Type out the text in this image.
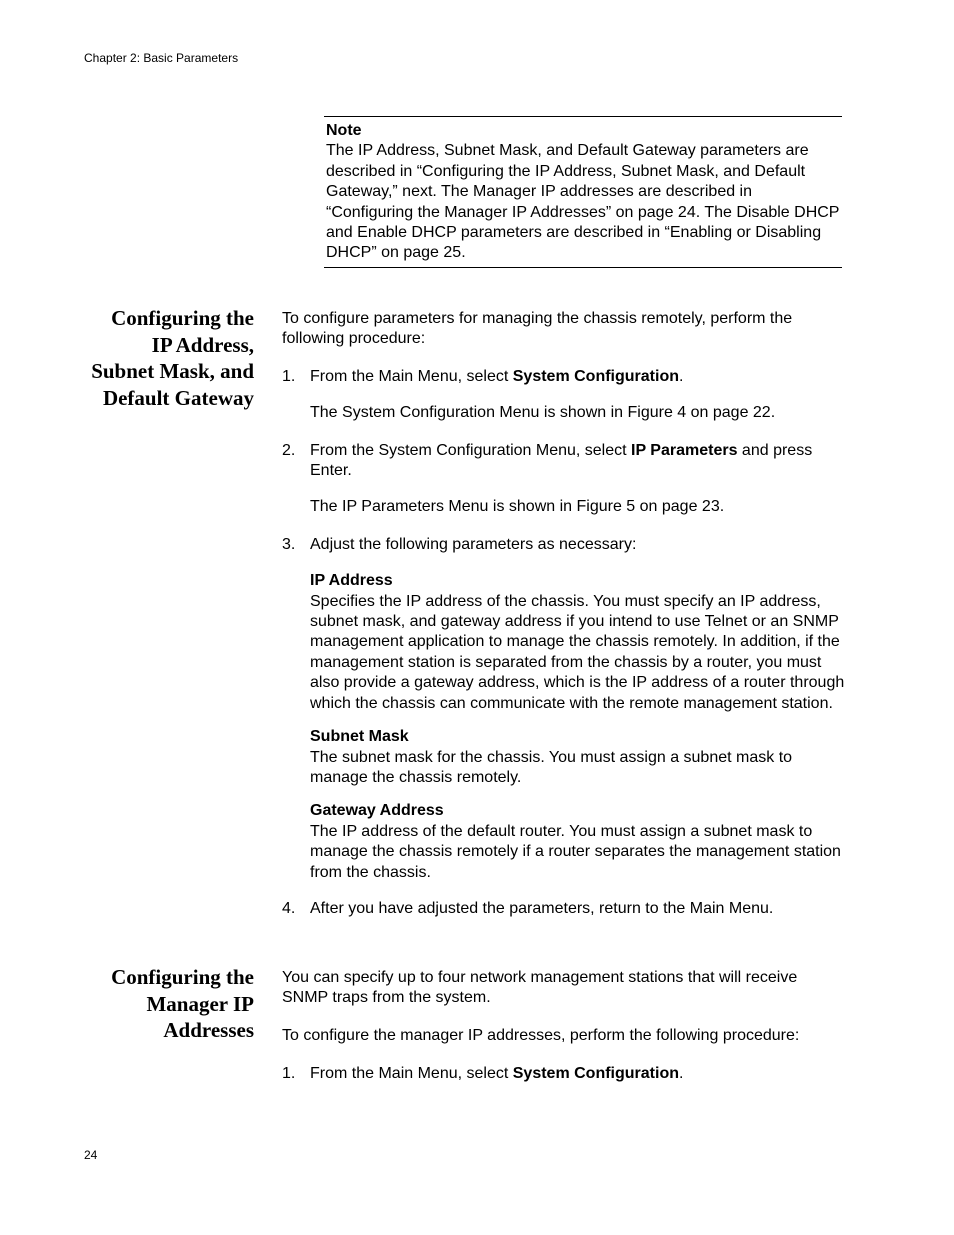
Chapter 2: Basic Parameters
Note
The IP Address, Subnet Mask, and Default Gateway parameters are described in “Configuring the IP Address, Subnet Mask, and Default Gateway,” next. The Manager IP addresses are described in “Configuring the Manager IP Addresses” on page 24. The Disable DHCP and Enable DHCP parameters are described in “Enabling or Disabling DHCP” on page 25.
Configuring the
IP Address,
Subnet Mask, and
Default Gateway
To configure parameters for managing the chassis remotely, perform the following procedure:
1. From the Main Menu, select System Configuration.
The System Configuration Menu is shown in Figure 4 on page 22.
2. From the System Configuration Menu, select IP Parameters and press Enter.
The IP Parameters Menu is shown in Figure 5 on page 23.
3. Adjust the following parameters as necessary:
IP Address
Specifies the IP address of the chassis. You must specify an IP address, subnet mask, and gateway address if you intend to use Telnet or an SNMP management application to manage the chassis remotely. In addition, if the management station is separated from the chassis by a router, you must also provide a gateway address, which is the IP address of a router through which the chassis can communicate with the remote management station.
Subnet Mask
The subnet mask for the chassis. You must assign a subnet mask to manage the chassis remotely.
Gateway Address
The IP address of the default router. You must assign a subnet mask to manage the chassis remotely if a router separates the management station from the chassis.
4. After you have adjusted the parameters, return to the Main Menu.
Configuring the
Manager IP
Addresses
You can specify up to four network management stations that will receive SNMP traps from the system.
To configure the manager IP addresses, perform the following procedure:
1. From the Main Menu, select System Configuration.
24
